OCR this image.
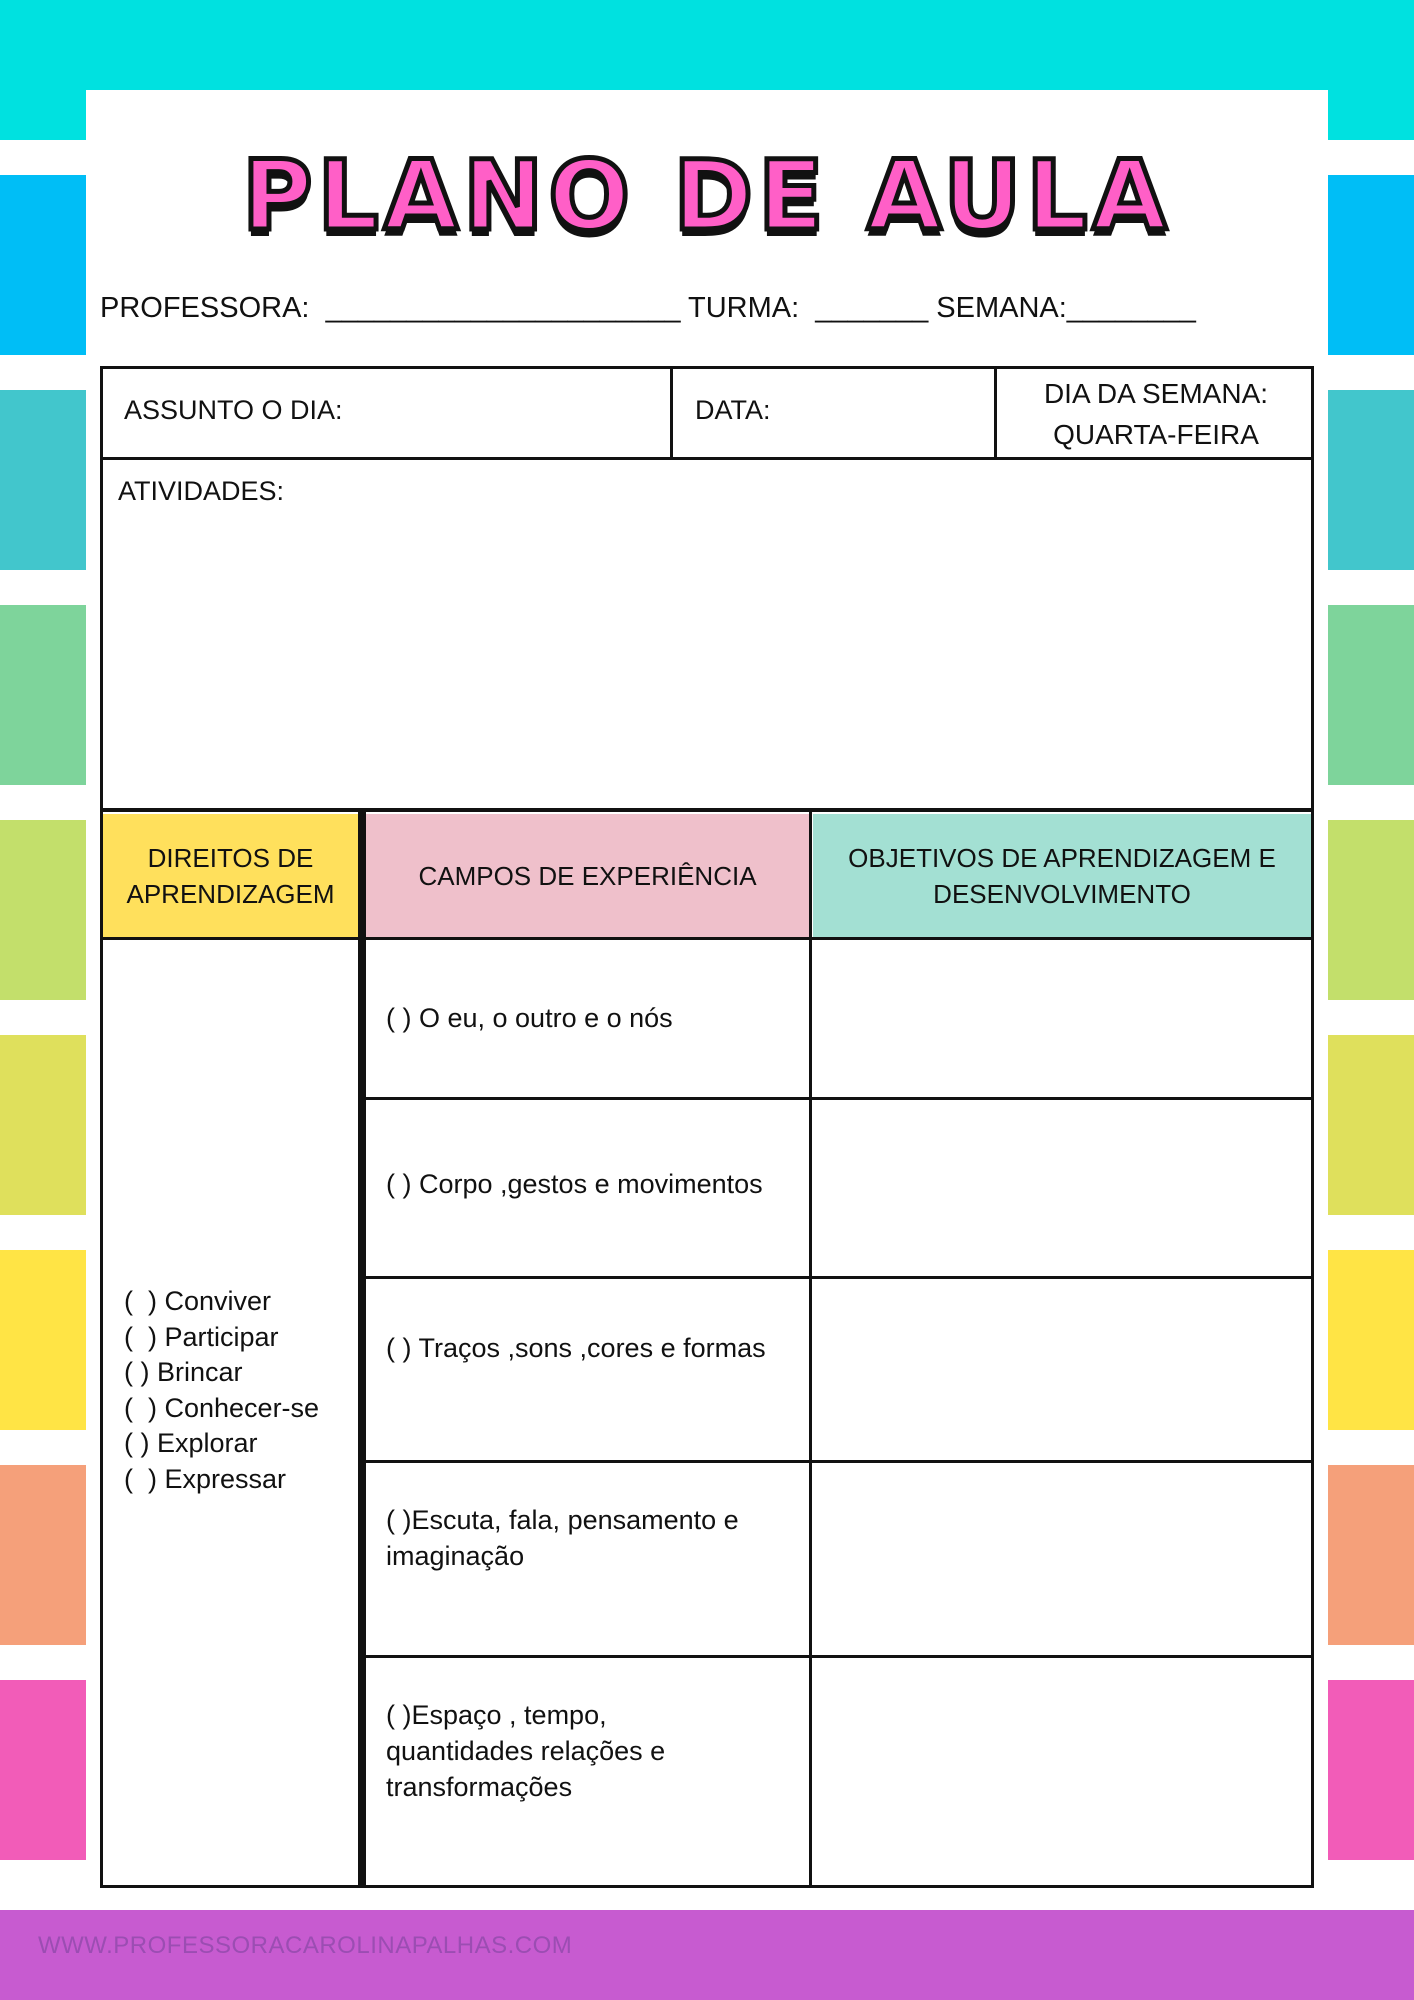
PLANO DE AULA
PROFESSORA: ______________________ TURMA: _______ SEMANA:________
ASSUNTO O DIA:	DATA:
DIA DA SEMANA:
QUARTA-FEIRA
ATIVIDADES:
DIREITOS DE
APRENDIZAGEM
CAMPOS DE EXPERIÊNCIA
OBJETIVOS DE APRENDIZAGEM E
DESENVOLVIMENTO
(  ) Conviver
(  ) Participar
( ) Brincar
(  ) Conhecer-se
( ) Explorar
(  ) Expressar
( ) O eu, o outro e o nós
( ) Corpo ,gestos e movimentos
( ) Traços ,sons ,cores e formas
( )Escuta, fala, pensamento e
imaginação
( )Espaço , tempo,
quantidades relações e
transformações
WWW.PROFESSORACAROLINAPALHAS.COM
